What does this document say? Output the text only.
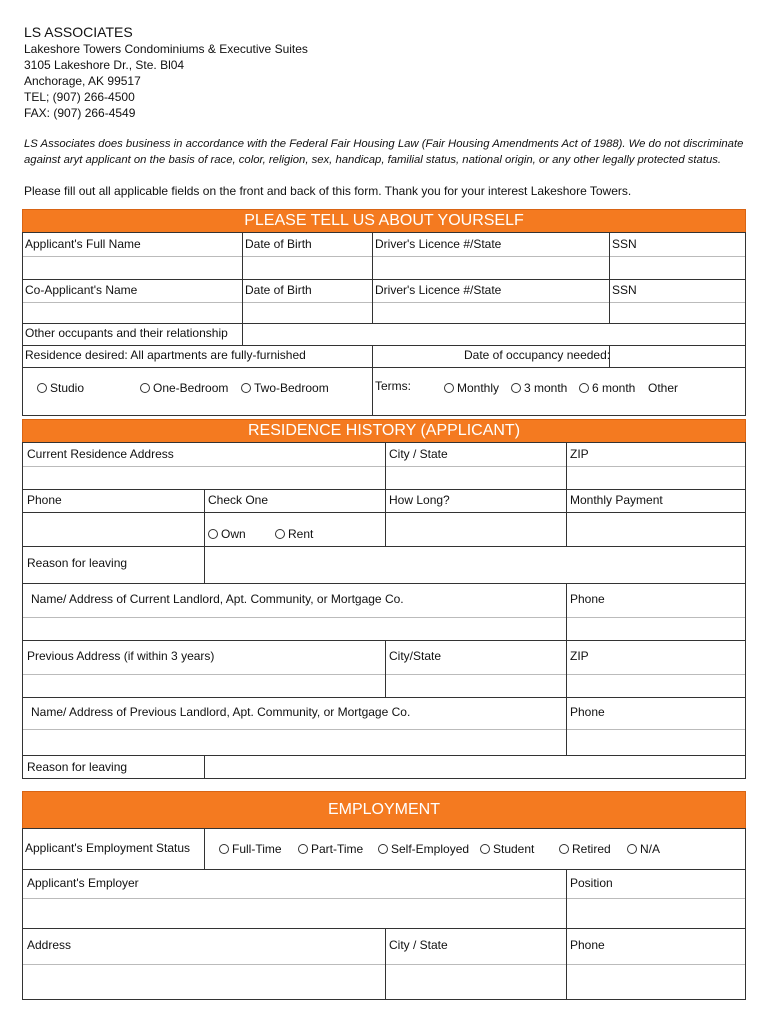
LS ASSOCIATES
Lakeshore Towers Condominiums & Executive Suites
3105 Lakeshore Dr., Ste. Bl04
Anchorage, AK 99517
TEL; (907) 266-4500
FAX: (907) 266-4549
LS Associates does business in accordance with the Federal Fair Housing Law (Fair Housing Amendments Act of 1988). We do not discriminate against aryt applicant on the basis of race, color, religion, sex, handicap, familial status, national origin, or any other legally protected status.
Please fill out all applicable fields on the front and back of this form. Thank you for your interest Lakeshore Towers.
PLEASE TELL US ABOUT YOURSELF
Applicant's Full Name	Date of Birth	Driver's Licence #/State	SSN
Co-Applicant's Name	Date of Birth	Driver's Licence #/State	SSN
Other occupants and their relationship
Residence desired: All apartments are fully-furnished	Date of occupancy needed:
Studio	One-Bedroom	Two-Bedroom	Terms:	Monthly	3 month	6 month Other
RESIDENCE HISTORY (APPLICANT)
Current Residence Address	City / State	ZIP
Phone	Check One	How Long?	Monthly Payment
Own	Rent
Reason for leaving
Name/ Address of Current Landlord, Apt. Community, or Mortgage Co.	Phone
Previous Address (if within 3 years)	City/State	ZIP
Name/ Address of Previous Landlord, Apt. Community, or Mortgage Co.	Phone
Reason for leaving
EMPLOYMENT
Applicant's Employment Status	Full-Time	Part-Time	Self-Employed	Student	Retired	N/A
Applicant's Employer	Position
Address	City / State	Phone
